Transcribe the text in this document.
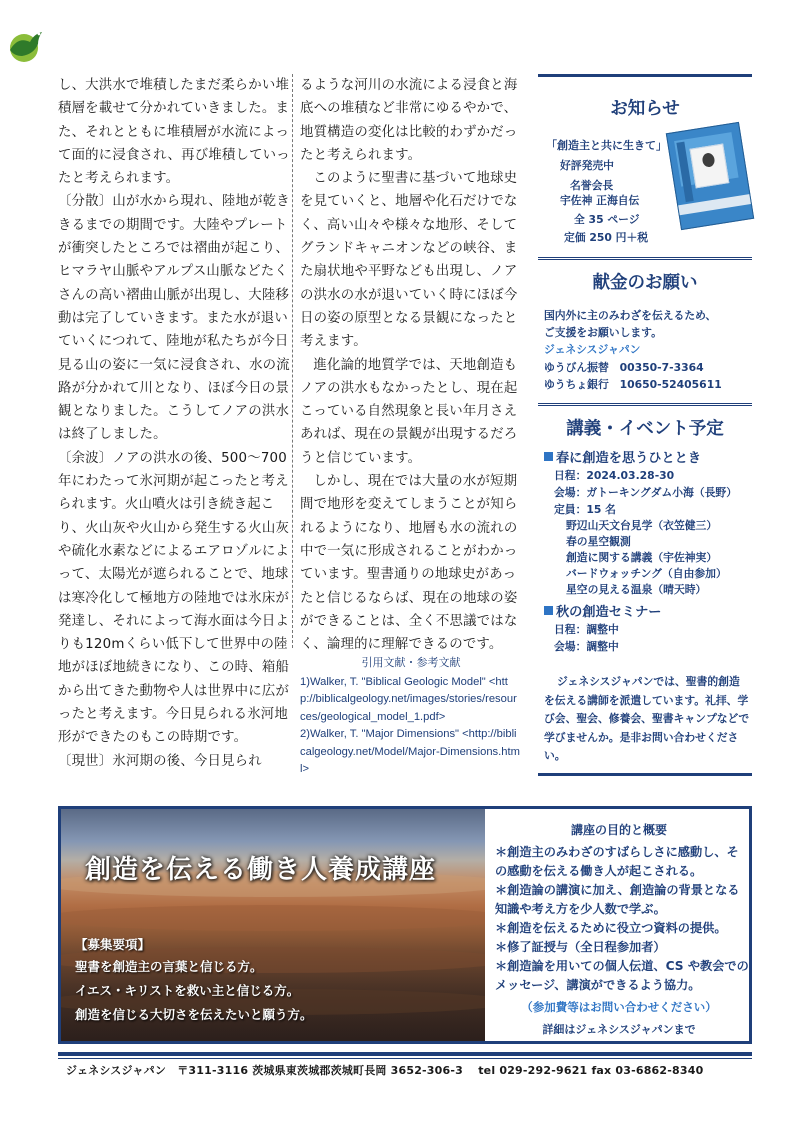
し、大洪水で堆積したまだ柔らかい堆積層を載せて分かれていきました。また、それとともに堆積層が水流によって面的に浸食され、再び堆積していったと考えられます。

〔分散〕山が水から現れ、陸地が乾ききるまでの期間です。大陸やプレートが衝突したところでは褶曲が起こり、ヒマラヤ山脈やアルプス山脈などたくさんの高い褶曲山脈が出現し、大陸移動は完了していきます。また水が退いていくにつれて、陸地が私たちが今日見る山の姿に一気に浸食され、水の流路が分かれて川となり、ほぼ今日の景観となりました。こうしてノアの洪水は終了しました。

〔余波〕ノアの洪水の後、500～700年にわたって氷河期が起こったと考えられます。火山噴火は引き続き起こり、火山灰や火山から発生する火山灰や硫化水素などによるエアロゾルによって、太陽光が遮られることで、地球は寒冷化して極地方の陸地では氷床が発達し、それによって海水面は今日よりも120mくらい低下して世界中の陸地がほぼ地続きになり、この時、箱船から出てきた動物や人は世界中に広がったと考えます。今日見られる氷河地形ができたのもこの時期です。

〔現世〕氷河期の後、今日見られ

るような河川の水流による浸食と海底への堆積など非常にゆるやかで、地質構造の変化は比較的わずかだったと考えられます。

このように聖書に基づいて地球史を見ていくと、地層や化石だけでなく、高い山々や様々な地形、そしてグランドキャニオンなどの峡谷、また扇状地や平野なども出現し、ノアの洪水の水が退いていく時にほぼ今日の姿の原型となる景観になったと考えます。

進化論的地質学では、天地創造もノアの洪水もなかったとし、現在起こっている自然現象と長い年月さえあれば、現在の景観が出現するだろうと信じています。

しかし、現在では大量の水が短期間で地形を変えてしまうことが知られるようになり、地層も水の流れの中で一気に形成されることがわかっています。聖書通りの地球史があったと信じるならば、現在の地球の姿ができることは、全く不思議ではなく、論理的に理解できるのです。

引用文献・参考文献
1)Walker, T. "Biblical Geologic Model" <http://biblicalgeology.net/images/stories/resources/geological_model_1.pdf>
2)Walker, T. "Major Dimensions" <http://biblicalgeology.net/Model/Major-Dimensions.html>
お知らせ
「創造主と共に生きて」
好評発売中
名誉会長
宇佐神 正海自伝
全 35 ページ
定価 250 円＋税
献金のお願い
国内外に主のみわざを伝えるため、
ご支援をお願いします。
ジェネシスジャパン
ゆうびん振替　00350-7-3364
ゆうちょ銀行　10650-52405611
講義・イベント予定
春に創造を思うひととき
日程：2024.03.28-30
会場：ガトーキングダム小海（長野）
定員：15 名
野辺山天文台見学（衣笠健三）
春の星空観測
創造に関する講義（宇佐神実）
バードウォッチング（自由参加）
星空の見える温泉（晴天時）
秋の創造セミナー
日程：調整中
会場：調整中
ジェネシスジャパンでは、聖書的創造を伝える講師を派遣しています。礼拝、学び会、聖会、修養会、聖書キャンプなどで学びませんか。是非お問い合わせください。
創造を伝える働き人養成講座
【募集要項】
聖書を創造主の言葉と信じる方。
イエス・キリストを救い主と信じる方。
創造を信じる大切さを伝えたいと願う方。
講座の目的と概要
＊創造主のみわざのすばらしさに感動し、その感動を伝える働き人が起こされる。
＊創造論の講演に加え、創造論の背景となる知識や考え方を少人数で学ぶ。
＊創造を伝えるために役立つ資料の提供。
＊修了証授与（全日程参加者）
＊創造論を用いての個人伝道、CS や教会でのメッセージ、講演ができるよう協力。
（参加費等はお問い合わせください）
詳細はジェネシスジャパンまで
ジェネシスジャパン　〒311-3116 茨城県東茨城郡茨城町長岡 3652-306-3　 tel 029-292-9621 fax 03-6862-8340
